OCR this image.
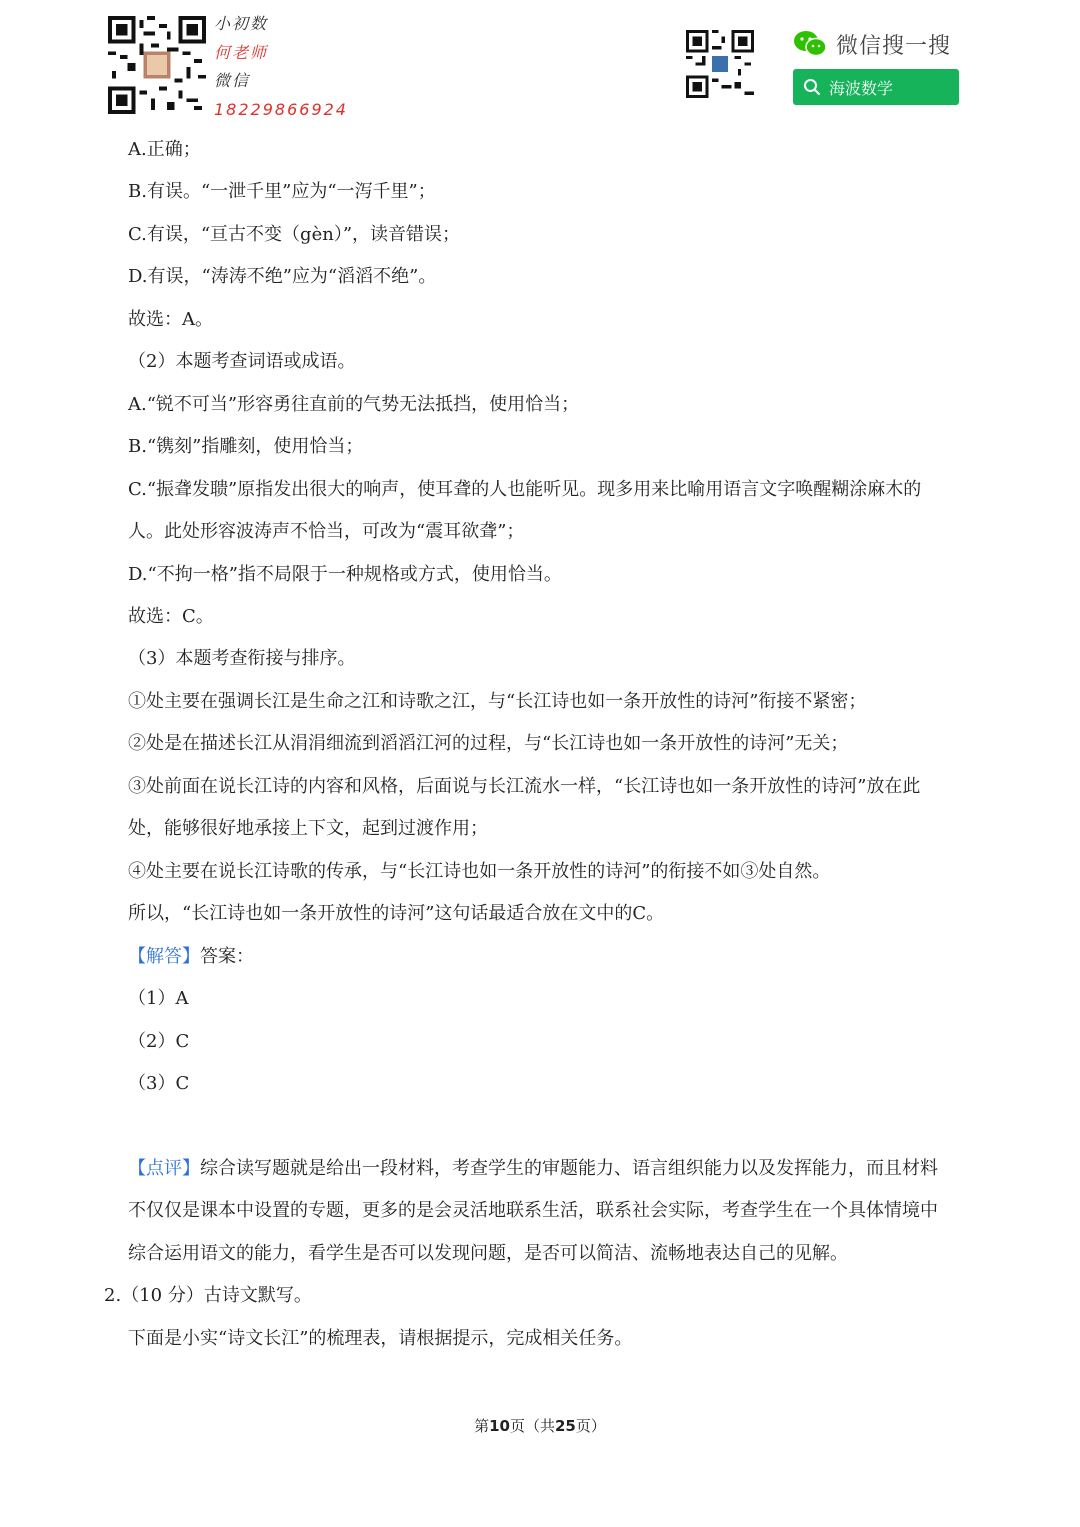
小初数
何老师
微信
18229866924
微信搜一搜
海波数学
A.正确；
B.有误。“一泄千里”应为“一泻千里”；
C.有误，“亘古不变（gèn）”，读音错误；
D.有误，“涛涛不绝”应为“滔滔不绝”。
故选：A。
（2）本题考查词语或成语。
A.“锐不可当”形容勇往直前的气势无法抵挡，使用恰当；
B.“镌刻”指雕刻，使用恰当；
C.“振聋发聩”原指发出很大的响声，使耳聋的人也能听见。现多用来比喻用语言文字唤醒糊涂麻木的
人。此处形容波涛声不恰当，可改为“震耳欲聋”；
D.“不拘一格”指不局限于一种规格或方式，使用恰当。
故选：C。
（3）本题考查衔接与排序。
①处主要在强调长江是生命之江和诗歌之江，与“长江诗也如一条开放性的诗河”衔接不紧密；
②处是在描述长江从涓涓细流到滔滔江河的过程，与“长江诗也如一条开放性的诗河”无关；
③处前面在说长江诗的内容和风格，后面说与长江流水一样，“长江诗也如一条开放性的诗河”放在此
处，能够很好地承接上下文，起到过渡作用；
④处主要在说长江诗歌的传承，与“长江诗也如一条开放性的诗河”的衔接不如③处自然。
所以，“长江诗也如一条开放性的诗河”这句话最适合放在文中的C。
【解答】答案：
（1）A
（2）C
（3）C
【点评】综合读写题就是给出一段材料，考查学生的审题能力、语言组织能力以及发挥能力，而且材料
不仅仅是课本中设置的专题，更多的是会灵活地联系生活，联系社会实际，考查学生在一个具体情境中
综合运用语文的能力，看学生是否可以发现问题，是否可以简洁、流畅地表达自己的见解。
2.（10 分）古诗文默写。
下面是小实“诗文长江”的梳理表，请根据提示，完成相关任务。
第10页（共25页）
